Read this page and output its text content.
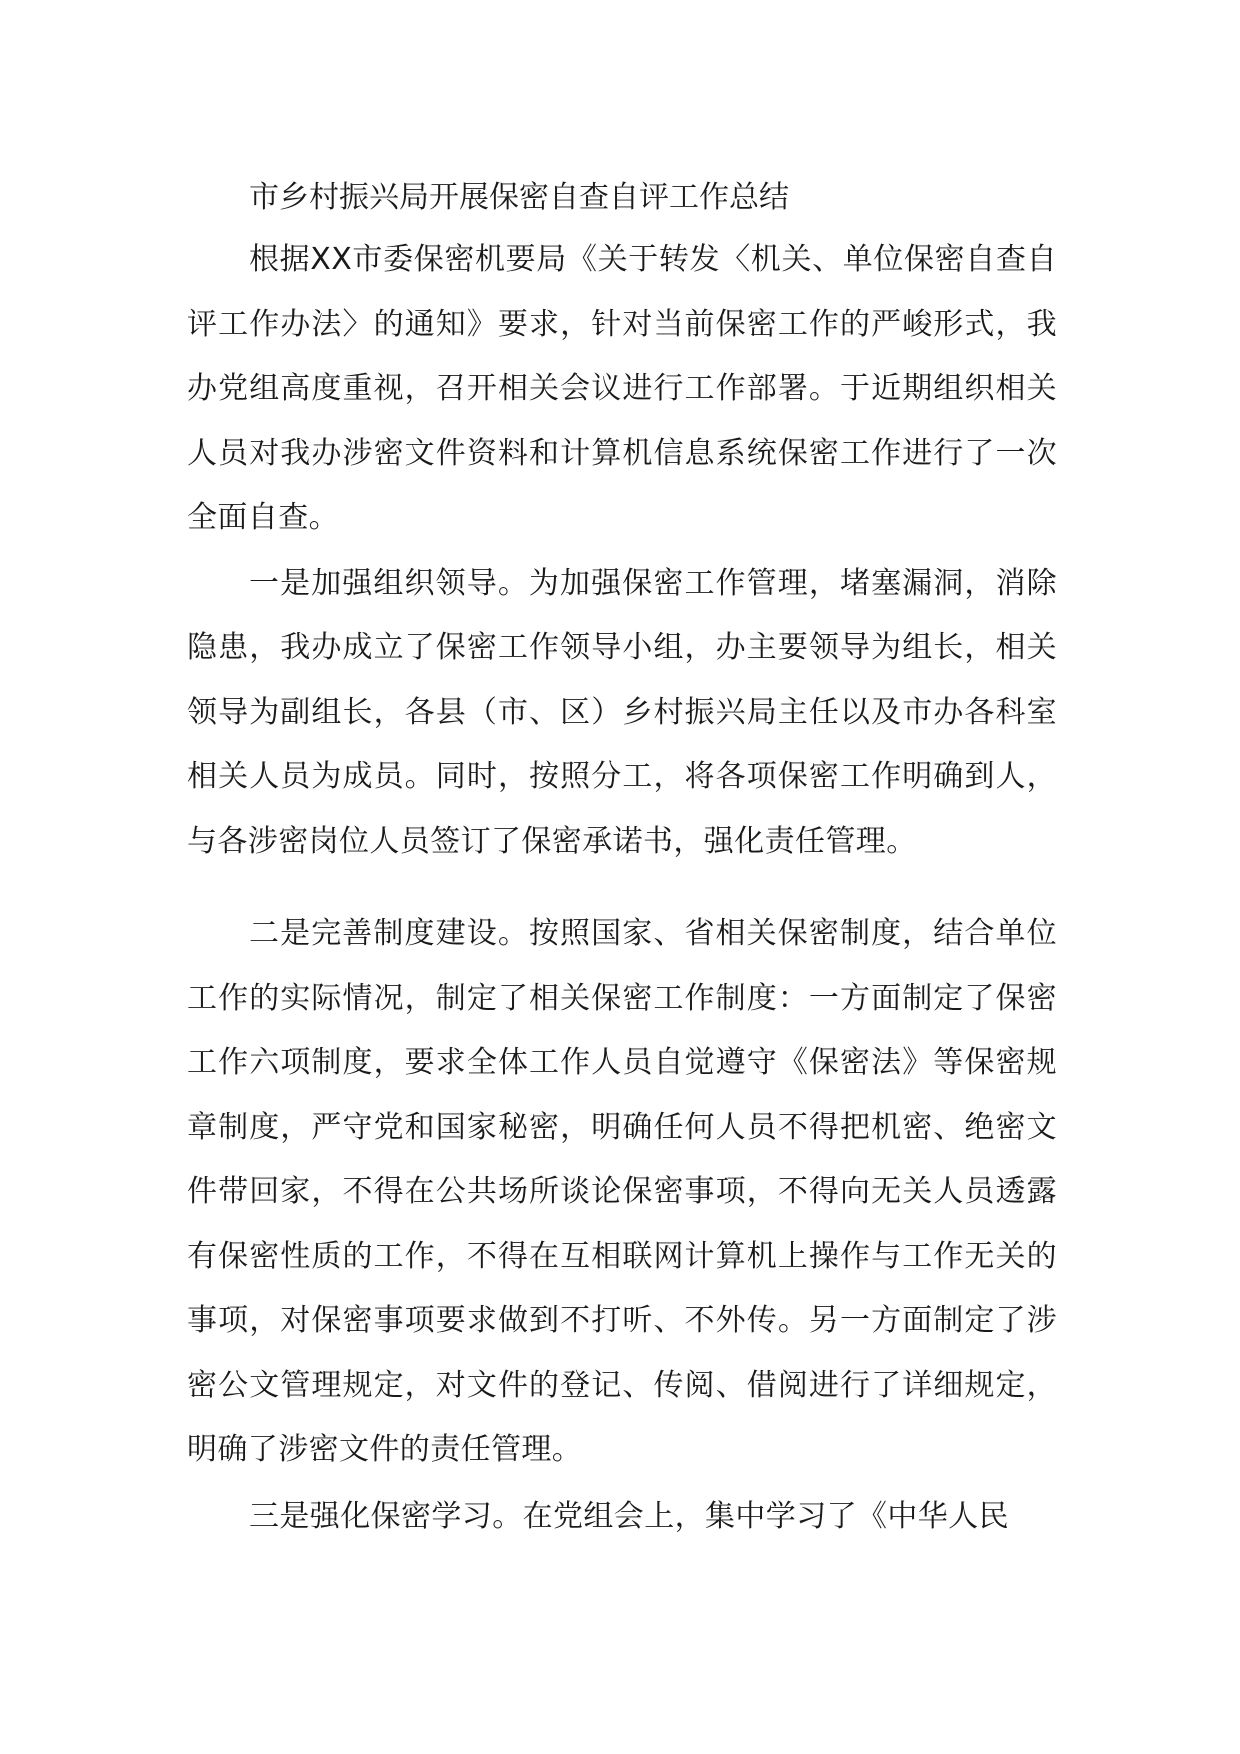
市乡村振兴局开展保密自查自评工作总结

根据XX市委保密机要局《关于转发〈机关、单位保密自查自评工作办法〉的通知》要求，针对当前保密工作的严峻形式，我办党组高度重视，召开相关会议进行工作部署。于近期组织相关人员对我办涉密文件资料和计算机信息系统保密工作进行了一次全面自查。

一是加强组织领导。为加强保密工作管理，堵塞漏洞，消除隐患，我办成立了保密工作领导小组，办主要领导为组长，相关领导为副组长，各县（市、区）乡村振兴局主任以及市办各科室相关人员为成员。同时，按照分工，将各项保密工作明确到人，与各涉密岗位人员签订了保密承诺书，强化责任管理。

二是完善制度建设。按照国家、省相关保密制度，结合单位工作的实际情况，制定了相关保密工作制度：一方面制定了保密工作六项制度，要求全体工作人员自觉遵守《保密法》等保密规章制度，严守党和国家秘密，明确任何人员不得把机密、绝密文件带回家，不得在公共场所谈论保密事项，不得向无关人员透露有保密性质的工作，不得在互相联网计算机上操作与工作无关的事项，对保密事项要求做到不打听、不外传。另一方面制定了涉密公文管理规定，对文件的登记、传阅、借阅进行了详细规定，明确了涉密文件的责任管理。

三是强化保密学习。在党组会上，集中学习了《中华人民
